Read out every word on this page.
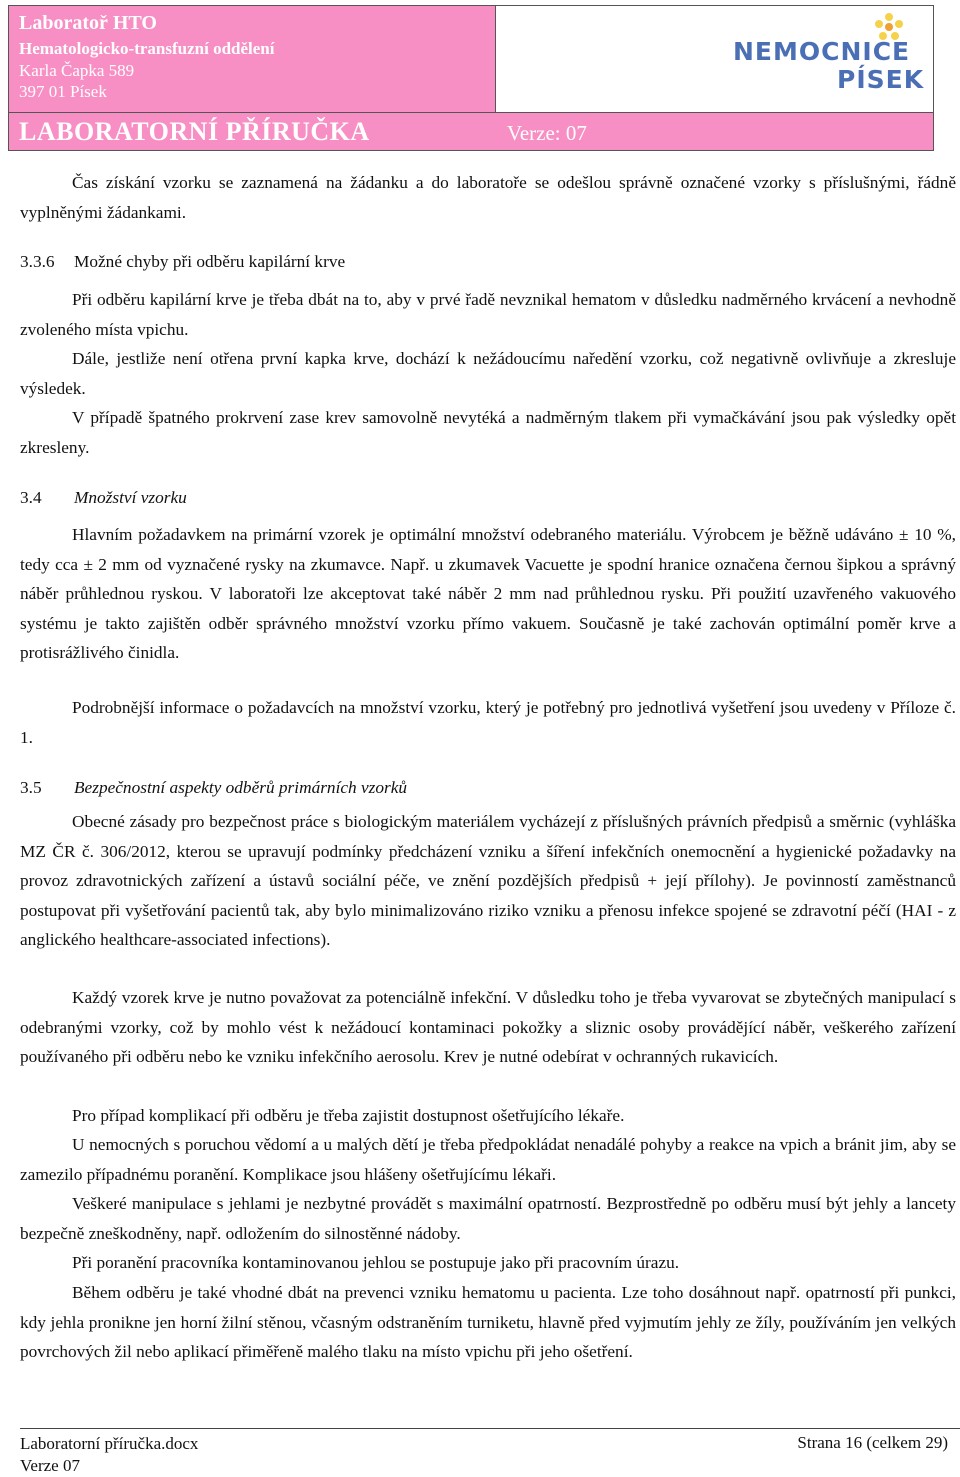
Laboratoř HTO
Hematologicko-transfuzní oddělení
Karla Čapka 589
397 01 Písek
NEMOCNICE
PÍSEK
LABORATORNÍ PŘÍRUČKA	Verze: 07
Čas získání vzorku se zaznamená na žádanku a do laboratoře se odešlou správně označené vzorky s příslušnými, řádně vyplněnými žádankami.
3.3.6 Možné chyby při odběru kapilární krve
Při odběru kapilární krve je třeba dbát na to, aby v prvé řadě nevznikal hematom v důsledku nadměrného krvácení a nevhodně zvoleného místa vpichu.
Dále, jestliže není otřena první kapka krve, dochází k nežádoucímu naředění vzorku, což negativně ovlivňuje a zkresluje výsledek.
V případě špatného prokrvení zase krev samovolně nevytéká a nadměrným tlakem při vymačkávání jsou pak výsledky opět zkresleny.
3.4 Množství vzorku
Hlavním požadavkem na primární vzorek je optimální množství odebraného materiálu. Výrobcem je běžně udáváno ± 10 %, tedy cca ± 2 mm od vyznačené rysky na zkumavce. Např. u zkumavek Vacuette je spodní hranice označena černou šipkou a správný náběr průhlednou ryskou. V laboratoři lze akceptovat také náběr 2 mm nad průhlednou rysku. Při použití uzavřeného vakuového systému je takto zajištěn odběr správného množství vzorku přímo vakuem. Současně je také zachován optimální poměr krve a protisrážlivého činidla.
Podrobnější informace o požadavcích na množství vzorku, který je potřebný pro jednotlivá vyšetření jsou uvedeny v Příloze č. 1.
3.5 Bezpečnostní aspekty odběrů primárních vzorků
Obecné zásady pro bezpečnost práce s biologickým materiálem vycházejí z příslušných právních předpisů a směrnic (vyhláška MZ ČR č. 306/2012, kterou se upravují podmínky předcházení vzniku a šíření infekčních onemocnění a hygienické požadavky na provoz zdravotnických zařízení a ústavů sociální péče, ve znění pozdějších předpisů + její přílohy). Je povinností zaměstnanců postupovat při vyšetřování pacientů tak, aby bylo minimalizováno riziko vzniku a přenosu infekce spojené se zdravotní péčí (HAI - z anglického healthcare-associated infections).
Každý vzorek krve je nutno považovat za potenciálně infekční. V důsledku toho je třeba vyvarovat se zbytečných manipulací s odebranými vzorky, což by mohlo vést k nežádoucí kontaminaci pokožky a sliznic osoby provádějící náběr, veškerého zařízení používaného při odběru nebo ke vzniku infekčního aerosolu. Krev je nutné odebírat v ochranných rukavicích.
Pro případ komplikací při odběru je třeba zajistit dostupnost ošetřujícího lékaře.
U nemocných s poruchou vědomí a u malých dětí je třeba předpokládat nenadálé pohyby a reakce na vpich a bránit jim, aby se zamezilo případnému poranění. Komplikace jsou hlášeny ošetřujícímu lékaři.
Veškeré manipulace s jehlami je nezbytné provádět s maximální opatrností. Bezprostředně po odběru musí být jehly a lancety bezpečně zneškodněny, např. odložením do silnostěnné nádoby.
Při poranění pracovníka kontaminovanou jehlou se postupuje jako při pracovním úrazu.
Během odběru je také vhodné dbát na prevenci vzniku hematomu u pacienta. Lze toho dosáhnout např. opatrností při punkci, kdy jehla pronikne jen horní žilní stěnou, včasným odstraněním turniketu, hlavně před vyjmutím jehly ze žíly, používáním jen velkých povrchových žil nebo aplikací přiměřeně malého tlaku na místo vpichu při jeho ošetření.
Laboratorní příručka.docx
Verze 07
Strana 16 (celkem 29)
